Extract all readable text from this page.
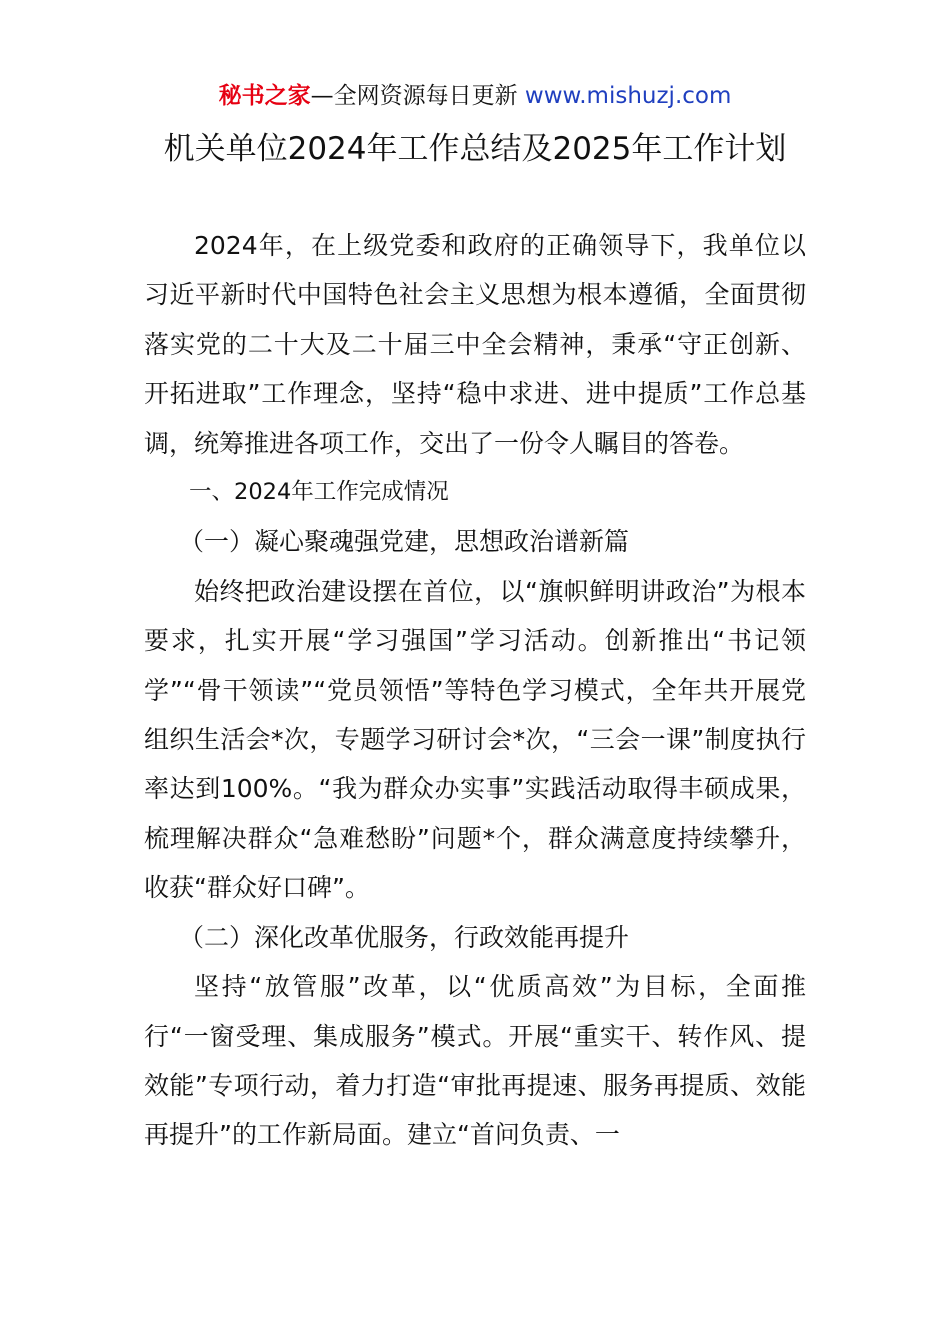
秘书之家—全网资源每日更新 www.mishuzj.com
机关单位2024年工作总结及2025年工作计划

2024年，在上级党委和政府的正确领导下，我单位以习近平新时代中国特色社会主义思想为根本遵循，全面贯彻落实党的二十大及二十届三中全会精神，秉承“守正创新、开拓进取”工作理念，坚持“稳中求进、进中提质”工作总基调，统筹推进各项工作，交出了一份令人瞩目的答卷。

一、2024年工作完成情况

（一）凝心聚魂强党建，思想政治谱新篇

始终把政治建设摆在首位，以“旗帜鲜明讲政治”为根本要求，扎实开展“学习强国”学习活动。创新推出“书记领学”“骨干领读”“党员领悟”等特色学习模式，全年共开展党组织生活会*次，专题学习研讨会*次，“三会一课”制度执行率达到100%。“我为群众办实事”实践活动取得丰硕成果，梳理解决群众“急难愁盼”问题*个，群众满意度持续攀升，收获“群众好口碑”。

（二）深化改革优服务，行政效能再提升

坚持“放管服”改革，以“优质高效”为目标，全面推行“一窗受理、集成服务”模式。开展“重实干、转作风、提效能”专项行动，着力打造“审批再提速、服务再提质、效能再提升”的工作新局面。建立“首问负责、一
